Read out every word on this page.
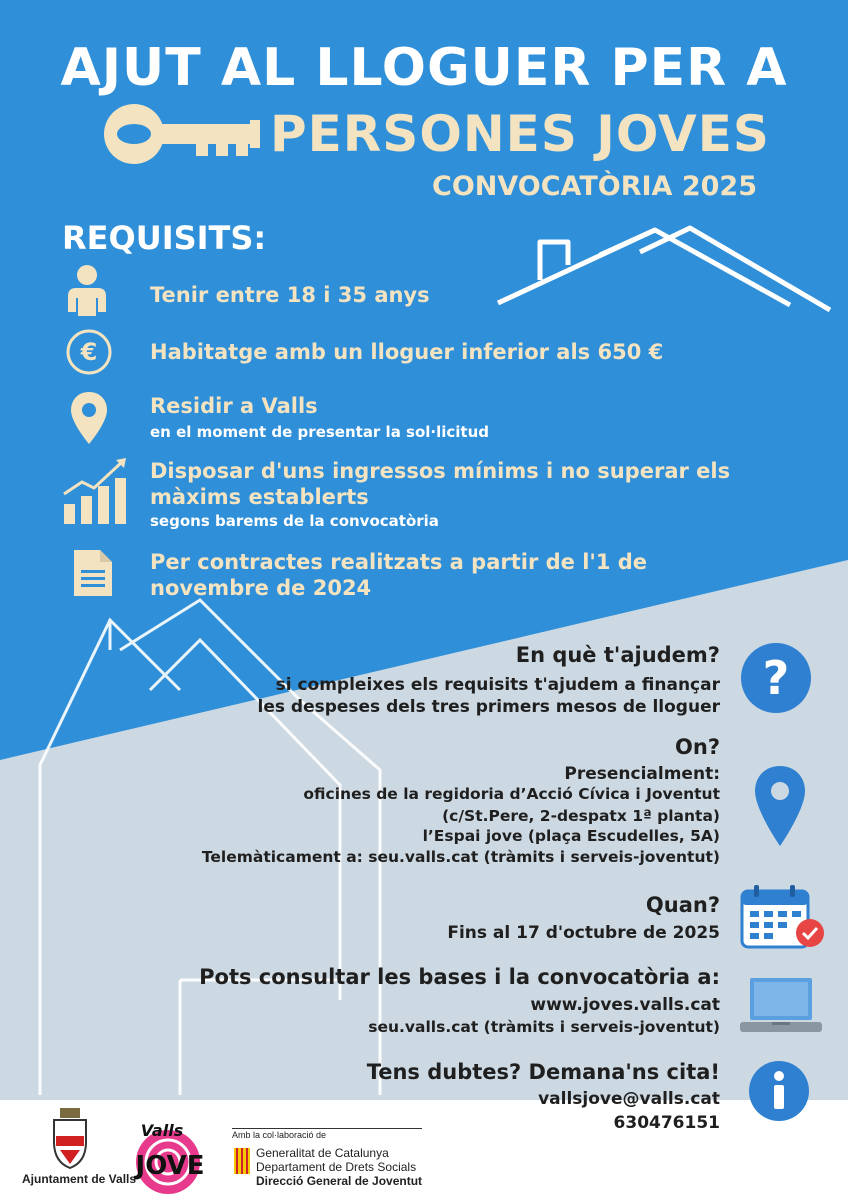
AJUT AL LLOGUER PER A
PERSONES JOVES
CONVOCATÒRIA 2025
REQUISITS:
Tenir entre 18 i 35 anys
€	Habitatge amb un lloguer inferior als 650 €
Residir a Valls
en el moment de presentar la sol·licitud
Disposar d'uns ingressos mínims i no superar els
màxims establerts
segons barems de la convocatòria
Per contractes realitzats a partir de l'1 de
novembre de 2024
En què t'ajudem?
si compleixes els requisits t'ajudem a finançar
les despeses dels tres primers mesos de lloguer
?
On?
Presencialment:
oficines de la regidoria d’Acció Cívica i Joventut
(c/St.Pere, 2-despatx 1ª planta)
l’Espai jove (plaça Escudelles, 5A)
Telemàticament a: seu.valls.cat (tràmits i serveis-joventut)
Quan?
Fins al 17 d'octubre de 2025
Pots consultar les bases i la convocatòria a:
www.joves.valls.cat
seu.valls.cat (tràmits i serveis-joventut)
Tens dubtes? Demana'ns cita!
vallsjove@valls.cat
630476151
Ajuntament de Valls
Valls
JOVE
Amb la col·laboració de
Generalitat de Catalunya
Departament de Drets Socials
Direcció General de Joventut
